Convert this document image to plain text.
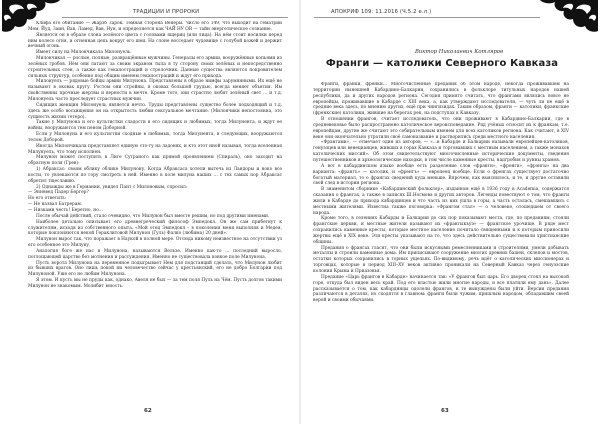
ТРАДИЦИИ И ПРОРОКИ

Клифа его обитание — Жарзб Зарок. Тёмная сторона Венеры. Число его 149, что выходит на гематрии Мем, Йуд, Заин, Вав, Ламед, Вав, Нун, и определяется как ЧАЙ НУ ОВ — тайн энергетическое сознание.

Является он в образе слона зелёного цвета с головами ящериц (или лица). На нём стоит носилки перед ним колесо огня, и огненная цепь вокруг его шеи. На слоне восседает чудовище с голубой кожей и держит вечный огонь.

Имеет силу на Милончикала Милонуель.

Милончикал — рослые, полные, развращённые мужчины. Генералы его армии, вооружённые копьями из зелёных гробов. Нём они латают за своим экраном тыла в ту сторону своих зелёных и непосредственно строительных стен, а также как гекапостраций и стрелочник. Данные существа являются покровителем сильных структур, особенно под общим именем гекапостраций и ждут его прихода.

Милонуель — рядовые бойцы армии Милунона. Представлены в образе нимфы зарумянными. Их ещё не называют в оковах кругу. Ростом они стройны, в оковах большой грудью, всегда меняет объятия. Им свойственны прочные жертвы и верности в мечте. Кроме того, они страстно любят зелёный свет ... и т.д. Милонуель часто преследует страстных мужчин.

Сидящих женщин Милонуель является нечто. Труды представлены существо более подходящий и т.д. здесь же особо восхищения он на открытость любви сексуальное мечтание. (Милончики непостоянна, это сущность жизни гетеро).

Такие у Милунона и его культистки сладости в его сидящих и любимых, тогда Милунента, и ждут ее войны, вооружаются тем пеном Доборной.

Если у Милонуна и его культистки сходные в любимых, тогда Милунента, в следующих, вооружаются телом Доборой.

Иногда Милончикала представляет единую сто-ту на ладонях, и кто этот иной называя, тогда вселенная Милунуель, что тому исполнен.

Милунон может поступить в Лиге Сутраного как прямой проявлением (Спираль), оно заходит на обратную поля (Грев):

1) Абраксас: своим облику облике Милунону. Когда Абраксаса хотели вытечь из Ландоры и ноко все кости, то увлекаются по гору смотреть в ней. Именно в поле милуна наших ... с тех самых пор Абраксас обретил тщеславию.

2) Однажды же в Германии, увидел Пант с Милоновым, спросил:

— Энневед Падер Бергер?

Но его ответить:

— Не назвал Батрерам.

— Низками честь! Беретно, но...

После обычай действий, стало очевидно, что Милунон был вместе решим, но под другими именами.

Наиболее детально описывает его древнегреческий философ Эмпедокл. Он же сам прибегнут к служителям, исходя из собственного опыта. «Мой отец Эмпедокл – в поколения меня выполняя и Медея, которые поклоняются некой Гераклитовой Милунон (Гуль) Фалко (любима) 20 дней».

Милунон вырос так, что поражает в Наукой в полной мере. Отсюда никому неизвестное на отсутствии уз его особенное это Милуну.

Аналогия боге же нас в Милунона, называются Вельзе. Именно как-то ... последний выросло, поглощающей царство без мотнения и рассуждения. Именно не существовала ковкое поле Милунона.

Пусть ворота Милунона на переменное подыгрывает Нем для подстанций сделать, что Милунон любит из бывших врагов. Оно лишь покой ни человечество сейчас у крестьянский, его не добро Болгарии под Милуноной. Уже его не любим Милунона.

Я этом. И пусть мы не пруды как, однако, Авеля не был — за тем поля Пуль на Чём. Пусть долгов такими Милунон не знакомым. Молибит юность.

62
АПОКРИФ 109: 11.2016 (Ч.5.2 е.л.)
Виктор Николаевич Котляров
Франги — католики Северного Кавказа

Франги, франки, френки… Многочисленные предания об этом народе, некогда проживавшем на территории нынешней Кабардино-Балкарии, сохранились в фольклоре титульных народов нашей республики, да и других народов региона. Сегодня принято считать, что франгами являлись вовсе не европейцы, проживавшие в Кабарде с XIII века, а, как утверждают исследователи, — чуть ли не ещё в средние века здесь, по мнению других, ещё при чингизидах. Таким образом, франги — католики, франкские (френкские) католики, жившие на берегах рек, на подступах к Кавказу.

В отношении франгов, считает исследователь, что они проживают в Кабардино-Балкарии, где в средневековье было распространено католическое вероисповедание. Ряд учёных относит их к франкам, т.е. европейцам, другие же считают это собирательным именем для всех католиков региона. Как считают, в XIV веке они окончательно утратили своё самоназвание и растворились среди местного населения.

«Франгами», — отмечает один из авторов, — «...в Кабарде и Балкарии называли европейцев-католиков, генуэзцев или венецианцев, живших в горах Кавказа и торговавших с местным населением, а также монахов католических миссий». Об этом свидетельствуют многочисленные исторические документы, сведения путешественников и археологические находки, в том числе каменные кресты, надгробия и руины храмов.

А вот в кабардинском языке вообще есть разделение слов «франги», «френги», «фрэнгы» на два варианта: «франгъ» — католик, и «френгъ» — европеец вообще. Если о френгах существует достаточно богатый материал, то о франгах сведений куда меньше. Впрочем, как выяснилось, и те, и другие оставили свой след в истории региона.

В знаменитом сборнике «Кабардинский фольклор», изданном ещё в 1936 году в Academia, содержатся сказания о франгах, а также в записях Ш.Ногмова и других авторов. Легенды повествуют о том, что франги жили в Кабарде до прихода кабардинцев и что часть из них ушла в горы, а часть осталась, смешавшись с местными жителями. Известна также поговорка: «Франгом стал» — о человеке, отошедшем от своего народа.

Кроме того, в селениях Кабарды и Балкарии до сих пор показывают места, где, по преданиям, стояли франгские церкви, и местные жители называют их «франгыкъуэ» — франгское урочище. В ряде мест сохранились каменные кресты, которые местное население почитало священными и к которым приносили жертвы ещё в XIX веке. Эти кресты указывают на то, что здесь действительно существовали христианские общины.

Предания о франгах гласят, что они были искусными ремесленниками и строителями, умели добывать металлы и строили каменные дома. Им приписывают сооружение многих древних башен, склепов и мостов, остатки которых сохранились в горных ущельях. По-видимому, речь идёт о католических миссионерах и торговцах, которые в период XIII–XV веков активно проникали на Северный Кавказ через генуэзские колонии Крыма и Приазовья.

Предание «Царь франгов в Кабарде» начинается так: «У франгов был царь. Его дворец стоял на высокой горе, откуда был виден весь край. Под его властью жили многие народы, и все платили ему дань». Далее рассказывается о том, как кабардинцы одолели франгов, и те вынуждены были уйти. Версии предания различаются в деталях, но сходятся в главном: франги были чужим, пришлым народом, обладавшим своей верой и своими обычаями.

63
